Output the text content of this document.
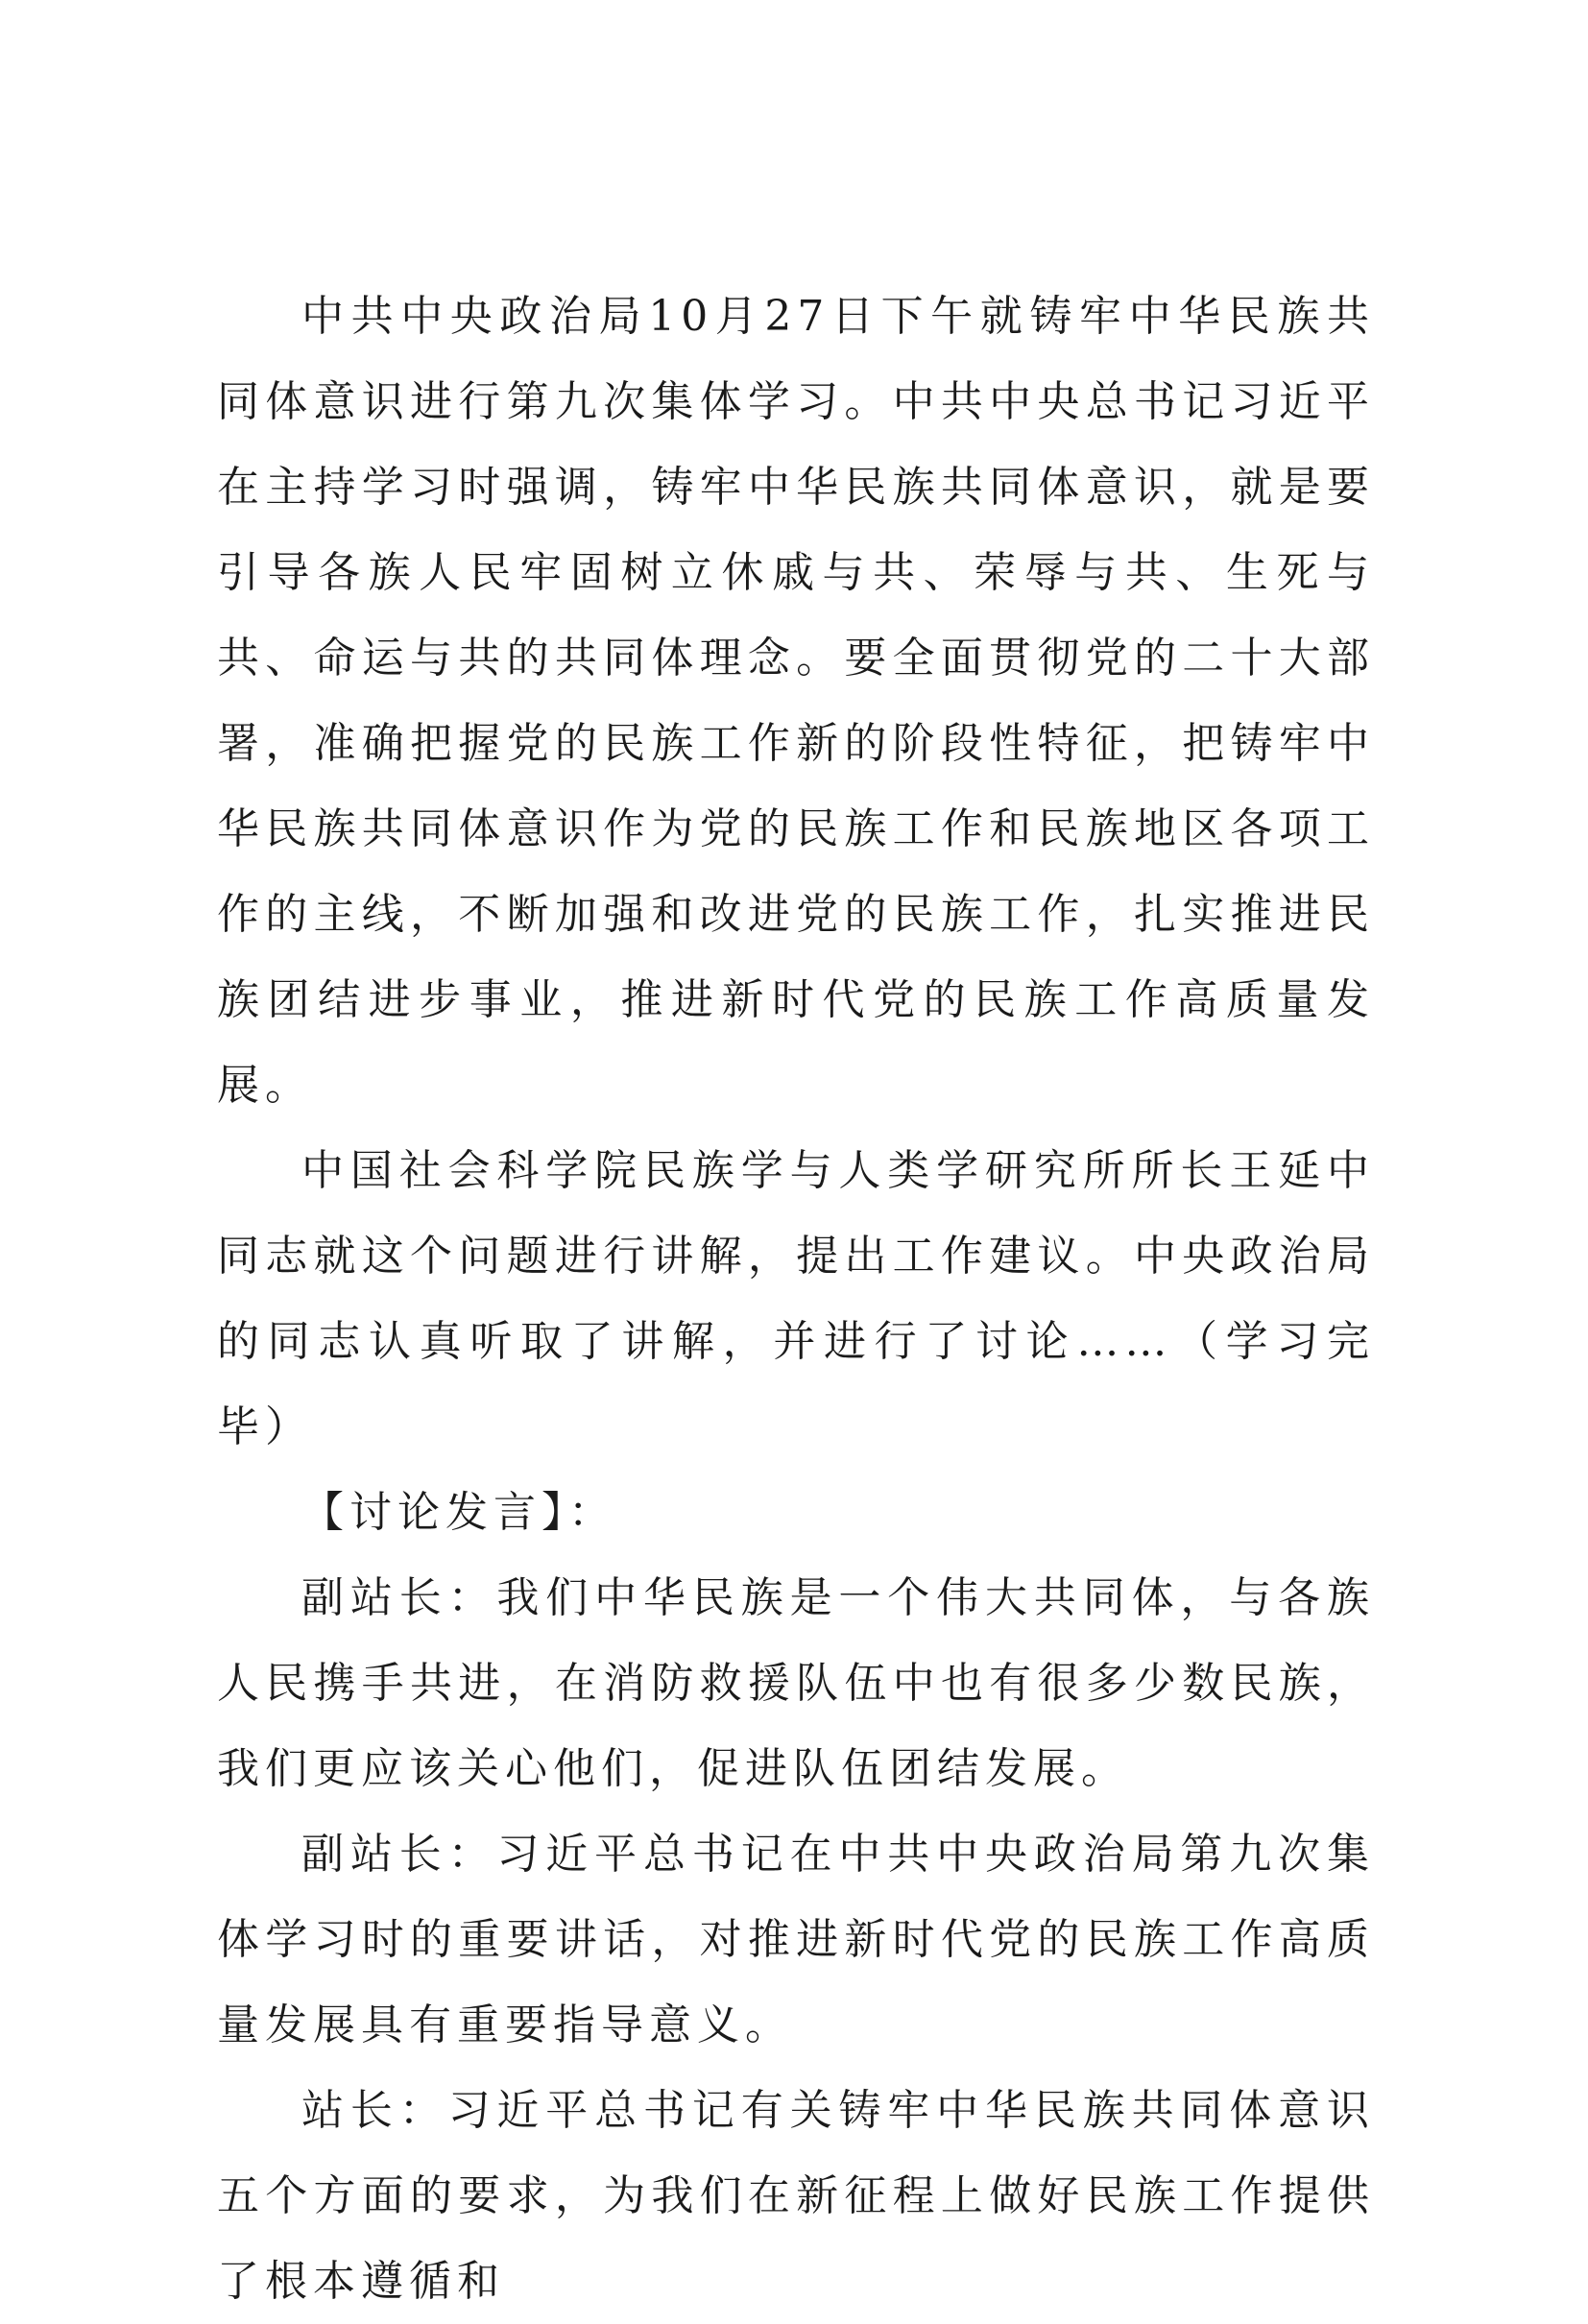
中共中央政治局10月27日下午就铸牢中华民族共同体意识进行第九次集体学习。中共中央总书记习近平在主持学习时强调，铸牢中华民族共同体意识，就是要引导各族人民牢固树立休戚与共、荣辱与共、生死与共、命运与共的共同体理念。要全面贯彻党的二十大部署，准确把握党的民族工作新的阶段性特征，把铸牢中华民族共同体意识作为党的民族工作和民族地区各项工作的主线，不断加强和改进党的民族工作，扎实推进民族团结进步事业，推进新时代党的民族工作高质量发展。

中国社会科学院民族学与人类学研究所所长王延中同志就这个问题进行讲解，提出工作建议。中央政治局的同志认真听取了讲解，并进行了讨论……（学习完毕）

【讨论发言】：

副站长：我们中华民族是一个伟大共同体，与各族人民携手共进，在消防救援队伍中也有很多少数民族，我们更应该关心他们，促进队伍团结发展。

副站长：习近平总书记在中共中央政治局第九次集体学习时的重要讲话，对推进新时代党的民族工作高质量发展具有重要指导意义。

站长：习近平总书记有关铸牢中华民族共同体意识五个方面的要求，为我们在新征程上做好民族工作提供了根本遵循和
